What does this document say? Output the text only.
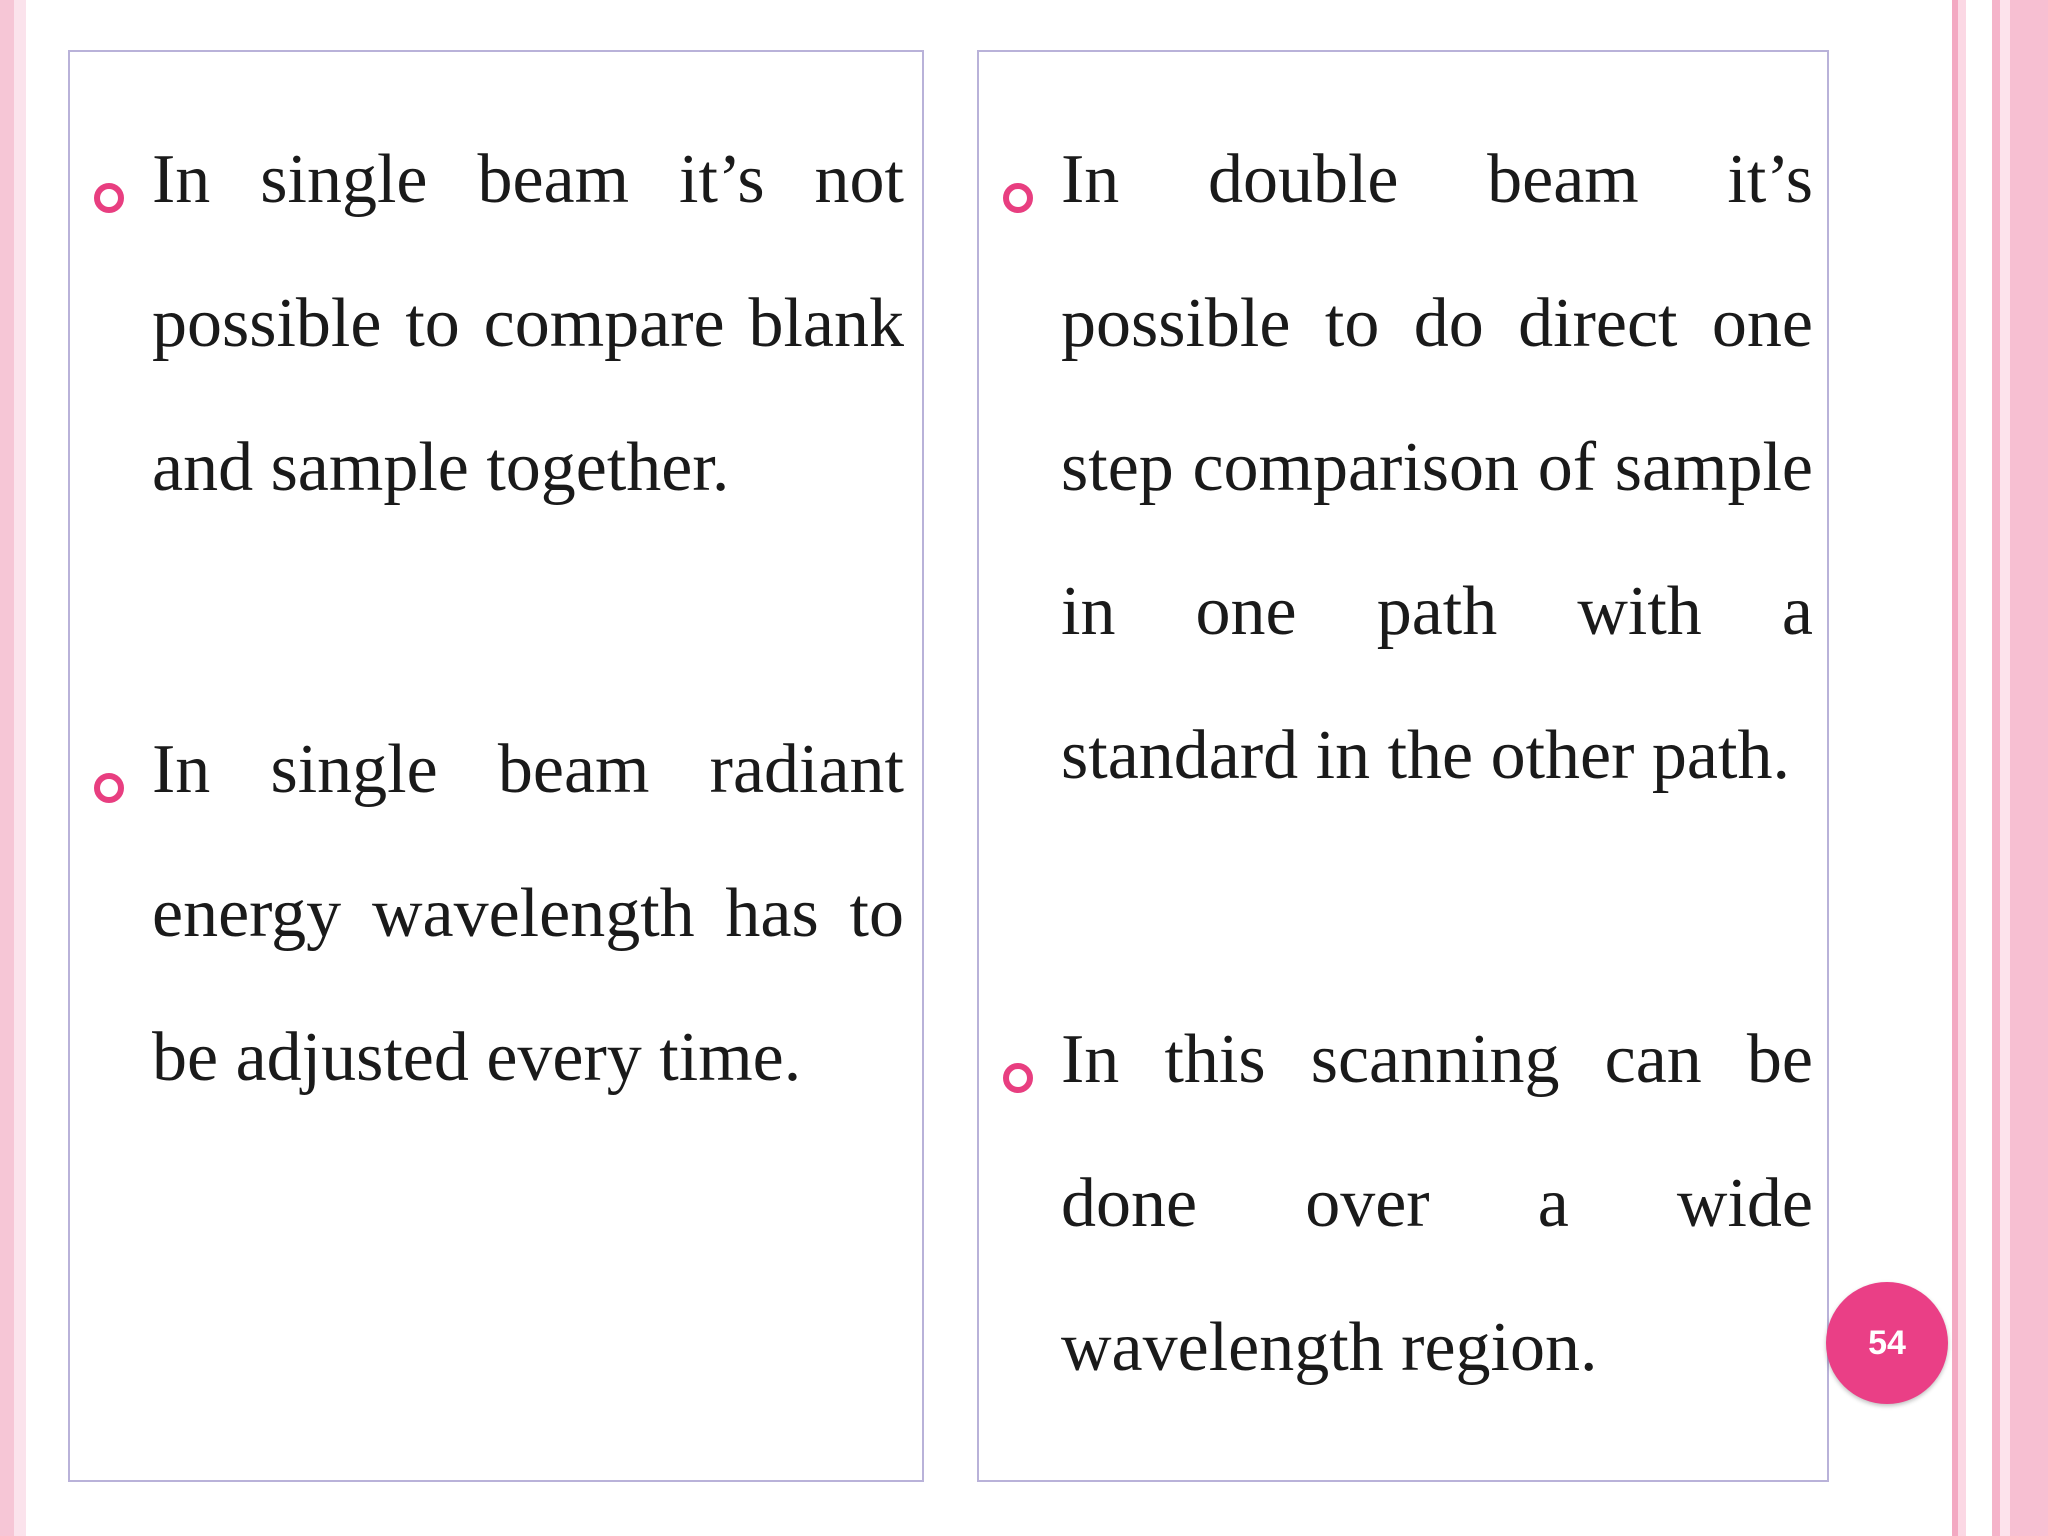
In single beam it’s not possible to compare blank and sample together.
In single beam radiant energy wavelength has to be adjusted every time.
In double beam it’s possible to do direct one step comparison of sample in one path with a standard in the other path.
In this scanning can be done over a wide wavelength region.	54
